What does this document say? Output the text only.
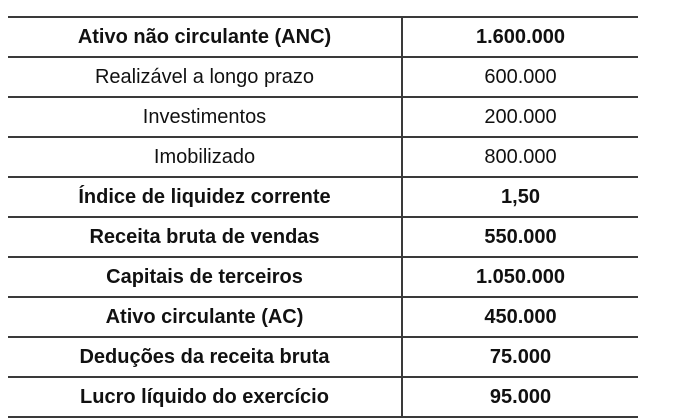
Ativo não circulante (ANC)	1.600.000
Realizável a longo prazo	600.000
Investimentos	200.000
Imobilizado	800.000
Índice de liquidez corrente	1,50
Receita bruta de vendas	550.000
Capitais de terceiros	1.050.000
Ativo circulante (AC)	450.000
Deduções da receita bruta	75.000
Lucro líquido do exercício	95.000
